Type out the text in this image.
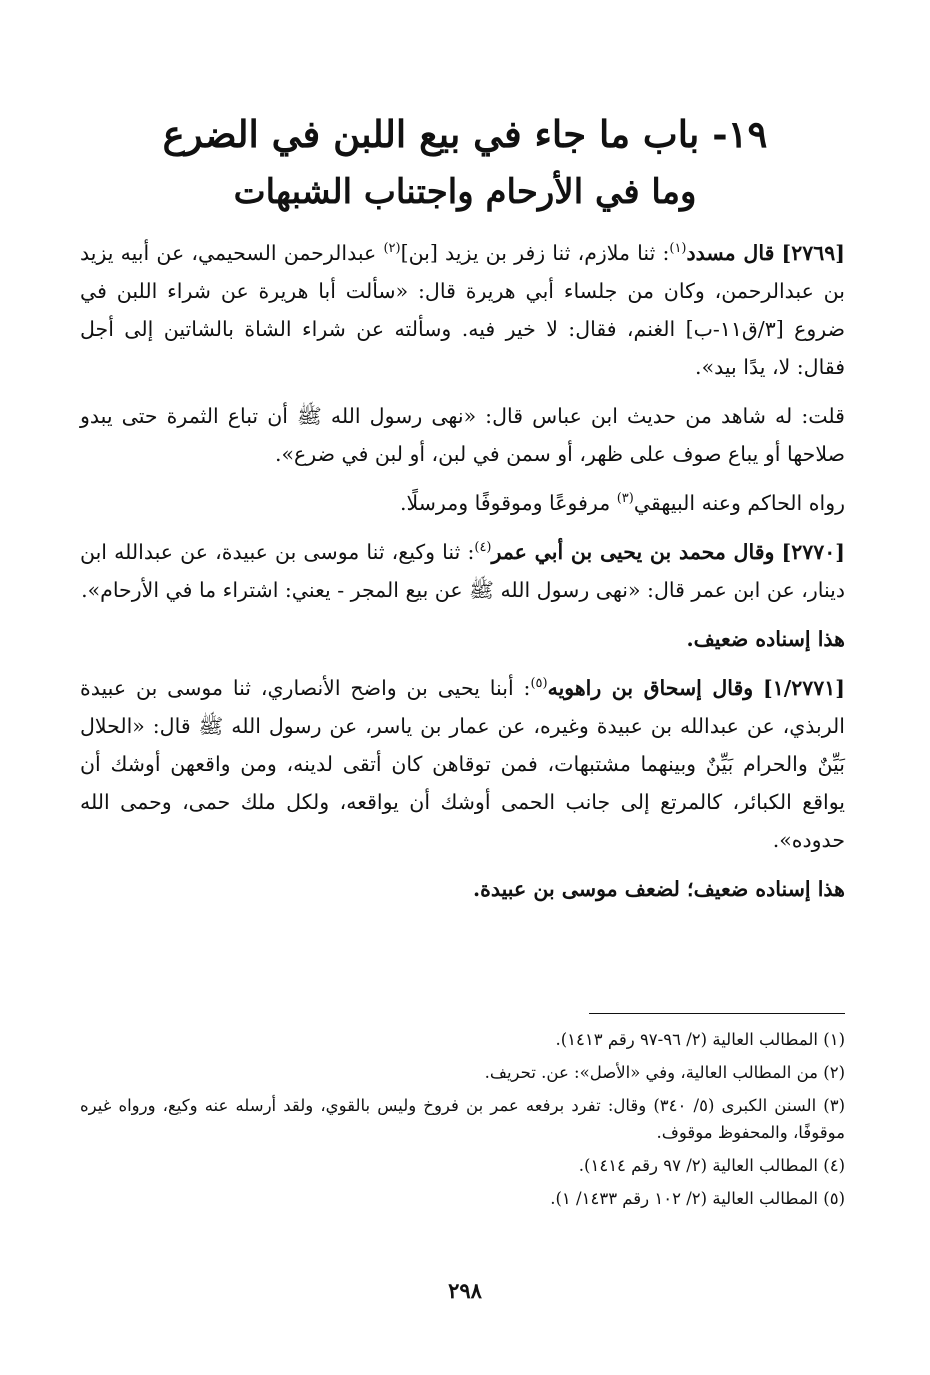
١٩- باب ما جاء في بيع اللبن في الضرع
وما في الأرحام واجتناب الشبهات

[٢٧٦٩] قال مسدد$^{(١)}$: ثنا ملازم، ثنا زفر بن يزيد [بن]$^{(٢)}$ عبدالرحمن السحيمي، عن أبيه يزيد بن عبدالرحمن، وكان من جلساء أبي هريرة قال: «سألت أبا هريرة عن شراء اللبن في ضروع [٣/ق١١-ب] الغنم، فقال: لا خير فيه. وسألته عن شراء الشاة بالشاتين إلى أجل فقال: لا، يدًا بيد».

قلت: له شاهد من حديث ابن عباس قال: «نهى رسول الله ﷺ أن تباع الثمرة حتى يبدو صلاحها أو يباع صوف على ظهر، أو سمن في لبن، أو لبن في ضرع».

رواه الحاكم وعنه البيهقي$^{(٣)}$ مرفوعًا وموقوفًا ومرسلًا.

[٢٧٧٠] وقال محمد بن يحيى بن أبي عمر$^{(٤)}$: ثنا وكيع، ثنا موسى بن عبيدة، عن عبدالله ابن دينار، عن ابن عمر قال: «نهى رسول الله ﷺ عن بيع المجر - يعني: اشتراء ما في الأرحام».

هذا إسناده ضعيف.

[١/٢٧٧١] وقال إسحاق بن راهويه$^{(٥)}$: أبنا يحيى بن واضح الأنصاري، ثنا موسى بن عبيدة الربذي، عن عبدالله بن عبيدة وغيره، عن عمار بن ياسر، عن رسول الله ﷺ قال: «الحلال بَيِّنٌ والحرام بَيِّنٌ وبينهما مشتبهات، فمن توقاهن كان أتقى لدينه، ومن واقعهن أوشك أن يواقع الكبائر، كالمرتع إلى جانب الحمى أوشك أن يواقعه، ولكل ملك حمى، وحمى الله حدوده».

هذا إسناده ضعيف؛ لضعف موسى بن عبيدة.

(١) المطالب العالية (٢/ ٩٦-٩٧ رقم ١٤١٣).
(٢) من المطالب العالية، وفي «الأصل»: عن. تحريف.
(٣) السنن الكبرى (٥/ ٣٤٠) وقال: تفرد برفعه عمر بن فروخ وليس بالقوي، ولقد أرسله عنه وكيع، ورواه غيره موقوفًا، والمحفوظ موقوف.
(٤) المطالب العالية (٢/ ٩٧ رقم ١٤١٤).
(٥) المطالب العالية (٢/ ١٠٢ رقم ١٤٣٣/ ١).
٢٩٨
